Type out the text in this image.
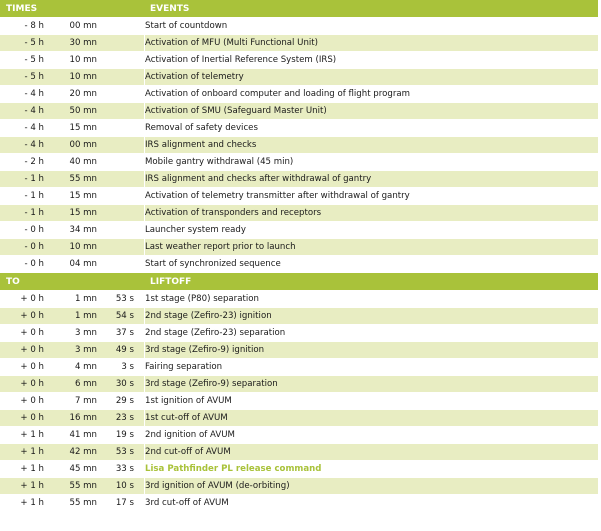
TIMES				EVENTS
- 8 h	00 mn			Start of countdown
- 5 h	30 mn			Activation of MFU (Multi Functional Unit)
- 5 h	10 mn			Activation of Inertial Reference System (IRS)
- 5 h	10 mn			Activation of telemetry
- 4 h	20 mn			Activation of onboard computer and loading of flight program
- 4 h	50 mn			Activation of SMU (Safeguard Master Unit)
- 4 h	15 mn			Removal of safety devices
- 4 h	00 mn			IRS alignment and checks
- 2 h	40 mn			Mobile gantry withdrawal (45 min)
- 1 h	55 mn			IRS alignment and checks after withdrawal of gantry
- 1 h	15 mn			Activation of telemetry transmitter after withdrawal of gantry
- 1 h	15 mn			Activation of transponders and receptors
- 0 h	34 mn			Launcher system ready
- 0 h	10 mn			Last weather report prior to launch
- 0 h	04 mn			Start of synchronized sequence
TO				LIFTOFF
+ 0 h	1 mn	53 s		1st stage (P80) separation
+ 0 h	1 mn	54 s		2nd stage (Zefiro-23) ignition
+ 0 h	3 mn	37 s		2nd stage (Zefiro-23) separation
+ 0 h	3 mn	49 s		3rd stage (Zefiro-9) ignition
+ 0 h	4 mn	3 s		Fairing separation
+ 0 h	6 mn	30 s		3rd stage (Zefiro-9) separation
+ 0 h	7 mn	29 s		1st ignition of AVUM
+ 0 h	16 mn	23 s		1st cut-off of AVUM
+ 1 h	41 mn	19 s		2nd ignition of AVUM
+ 1 h	42 mn	53 s		2nd cut-off of AVUM
+ 1 h	45 mn	33 s		Lisa Pathfinder PL release command
+ 1 h	55 mn	10 s		3rd ignition of AVUM (de-orbiting)
+ 1 h	55 mn	17 s		3rd cut-off of AVUM
